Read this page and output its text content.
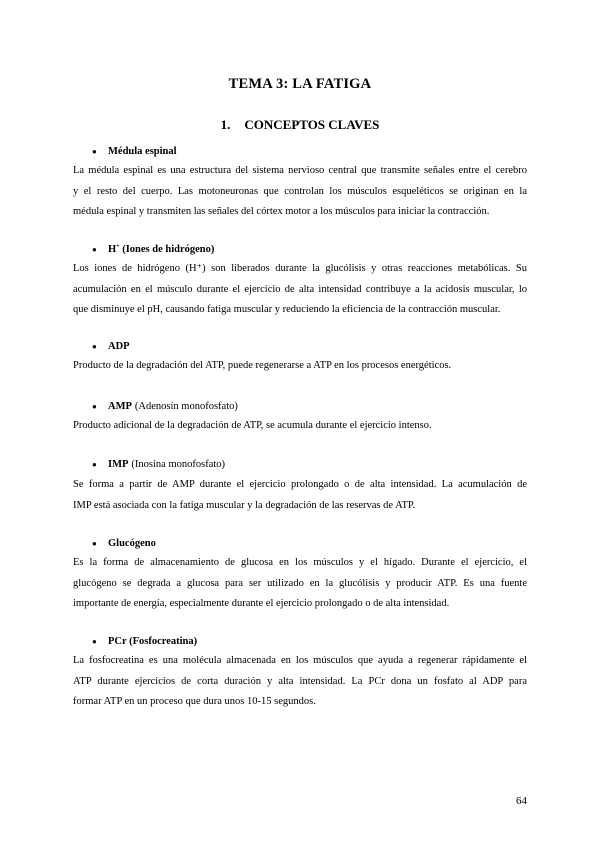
TEMA 3: LA FATIGA
1. CONCEPTOS CLAVES
●	Médula espinal

La médula espinal es una estructura del sistema nervioso central que transmite señales entre el cerebro
y el resto del cuerpo. Las motoneuronas que controlan los músculos esqueléticos se originan en la
médula espinal y transmiten las señales del córtex motor a los músculos para iniciar la contracción.

●	H+ (Iones de hidrógeno)

Los iones de hidrógeno (H⁺) son liberados durante la glucólisis y otras reacciones metabólicas. Su
acumulación en el músculo durante el ejercicio de alta intensidad contribuye a la acidosis muscular, lo
que disminuye el pH, causando fatiga muscular y reduciendo la eficiencia de la contracción muscular.

●	ADP

Producto de la degradación del ATP, puede regenerarse a ATP en los procesos energéticos.

●	AMP (Adenosín monofosfato)

Producto adicional de la degradación de ATP, se acumula durante el ejercicio intenso.

●	IMP (Inosina monofosfato)

Se forma a partir de AMP durante el ejercicio prolongado o de alta intensidad. La acumulación de
IMP está asociada con la fatiga muscular y la degradación de las reservas de ATP.

●	Glucógeno

Es la forma de almacenamiento de glucosa en los músculos y el hígado. Durante el ejercicio, el
glucógeno se degrada a glucosa para ser utilizado en la glucólisis y producir ATP. Es una fuente
importante de energía, especialmente durante el ejercicio prolongado o de alta intensidad.

●	PCr (Fosfocreatina)

La fosfocreatina es una molécula almacenada en los músculos que ayuda a regenerar rápidamente el
ATP durante ejercicios de corta duración y alta intensidad. La PCr dona un fosfato al ADP para
formar ATP en un proceso que dura unos 10-15 segundos.

64
